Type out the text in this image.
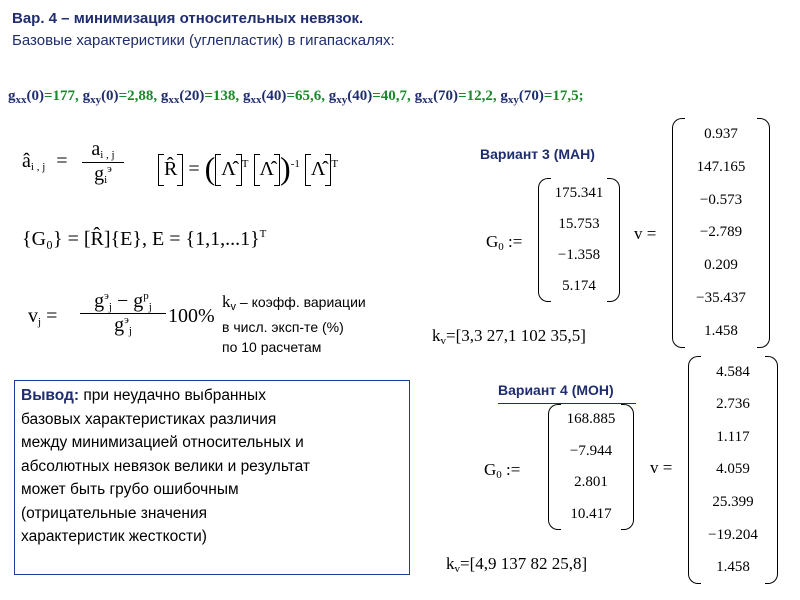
Вар. 4 – минимизация относительных невязок.
Базовые характеристики (углепластик) в гигапаскалях:
$g_{xx}(0)=177$, $g_{xy}(0)=2,88$, $g_{xx}(20)=138$, $g_{xx}(40)=65,6$, $g_{xy}(40)=40,7$, $g_{xx}(70)=12,2$, $g_{xy}(70)=17,5$;
$â_{i , j}$ =
$a_{i , j}$
$g_i^э$	R̂ = ( Λ̂ $^T$ Λ̂ )$^{-1}$ Λ̂ $^T$
{G₀} = [R̂]{E}, $E = \{1,1,...1\}^T$
$v_j$ =
$g^э_j - g^p_j$
$g^э_j$
100%
$k_v$ – коэфф. вариации
в числ. эксп-те (%)
по 10 расчетам
Вариант 3 (МАН)
$G_0$ :=
175.341
15.753
−1.358
5.174
v =
0.937
147.165
−0.573
−2.789
0.209
−35.437
1.458
$k_v=[3,3$ 27,1 102 35,5]
Вариант 4 (МОН)
$G_0$ :=
168.885
−7.944
2.801
10.417
v =
4.584
2.736
1.117
4.059
25.399
−19.204
1.458
$k_v=[4,9$ 137 82 25,8]
Вывод: при неудачно выбранных
базовых характеристиках различия
между минимизацией относительных и
абсолютных невязок велики и результат
может быть грубо ошибочным
(отрицательные значения
характеристик жесткости)
